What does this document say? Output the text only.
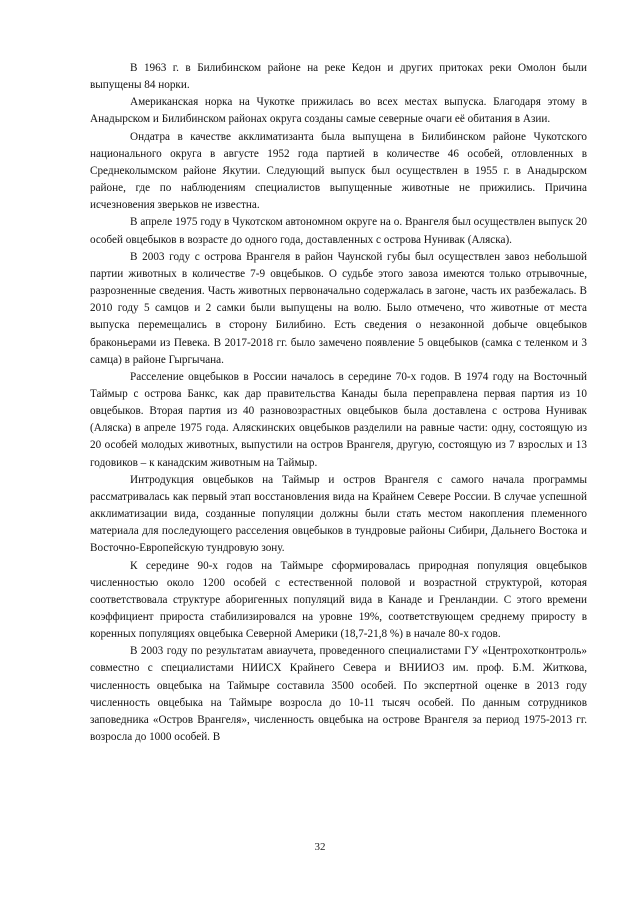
В 1963 г. в Билибинском районе на реке Кедон и других притоках реки Омолон были выпущены 84 норки.

Американская норка на Чукотке прижилась во всех местах выпуска. Благодаря этому в Анадырском и Билибинском районах округа созданы самые северные очаги её обитания в Азии.

Ондатра в качестве акклиматизанта была выпущена в Билибинском районе Чукотского национального округа в августе 1952 года партией в количестве 46 особей, отловленных в Среднеколымском районе Якутии. Следующий выпуск был осуществлен в 1955 г. в Анадырском районе, где по наблюдениям специалистов выпущенные животные не прижились. Причина исчезновения зверьков не известна.

В апреле 1975 году в Чукотском автономном округе на о. Врангеля был осуществлен выпуск 20 особей овцебыков в возрасте до одного года, доставленных с острова Нунивак (Аляска).

В 2003 году с острова Врангеля в район Чаунской губы был осуществлен завоз небольшой партии животных в количестве 7-9 овцебыков. О судьбе этого завоза имеются только отрывочные, разрозненные сведения. Часть животных первоначально содержалась в загоне, часть их разбежалась. В 2010 году 5 самцов и 2 самки были выпущены на волю. Было отмечено, что животные от места выпуска перемещались в сторону Билибино. Есть сведения о незаконной добыче овцебыков браконьерами из Певека. В 2017-2018 гг. было замечено появление 5 овцебыков (самка с теленком и 3 самца) в районе Гыргычана.

Расселение овцебыков в России началось в середине 70-х годов. В 1974 году на Восточный Таймыр с острова Банкс, как дар правительства Канады была переправлена первая партия из 10 овцебыков. Вторая партия из 40 разновозрастных овцебыков была доставлена с острова Нунивак (Аляска) в апреле 1975 года. Аляскинских овцебыков разделили на равные части: одну, состоящую из 20 особей молодых животных, выпустили на остров Врангеля, другую, состоящую из 7 взрослых и 13 годовиков – к канадским животным на Таймыр.

Интродукция овцебыков на Таймыр и остров Врангеля с самого начала программы рассматривалась как первый этап восстановления вида на Крайнем Севере России. В случае успешной акклиматизации вида, созданные популяции должны были стать местом накопления племенного материала для последующего расселения овцебыков в тундровые районы Сибири, Дальнего Востока и Восточно-Европейскую тундровую зону.

К середине 90-х годов на Таймыре сформировалась природная популяция овцебыков численностью около 1200 особей с естественной половой и возрастной структурой, которая соответствовала структуре аборигенных популяций вида в Канаде и Гренландии. С этого времени коэффициент прироста стабилизировался на уровне 19%, соответствующем среднему приросту в коренных популяциях овцебыка Северной Америки (18,7-21,8 %) в начале 80-х годов.

В 2003 году по результатам авиаучета, проведенного специалистами ГУ «Центрохотконтроль» совместно с специалистами НИИСХ Крайнего Севера и ВНИИОЗ им. проф. Б.М. Житкова, численность овцебыка на Таймыре составила 3500 особей. По экспертной оценке в 2013 году численность овцебыка на Таймыре возросла до 10-11 тысяч особей. По данным сотрудников заповедника «Остров Врангеля», численность овцебыка на острове Врангеля за период 1975-2013 гг. возросла до 1000 особей. В

32
